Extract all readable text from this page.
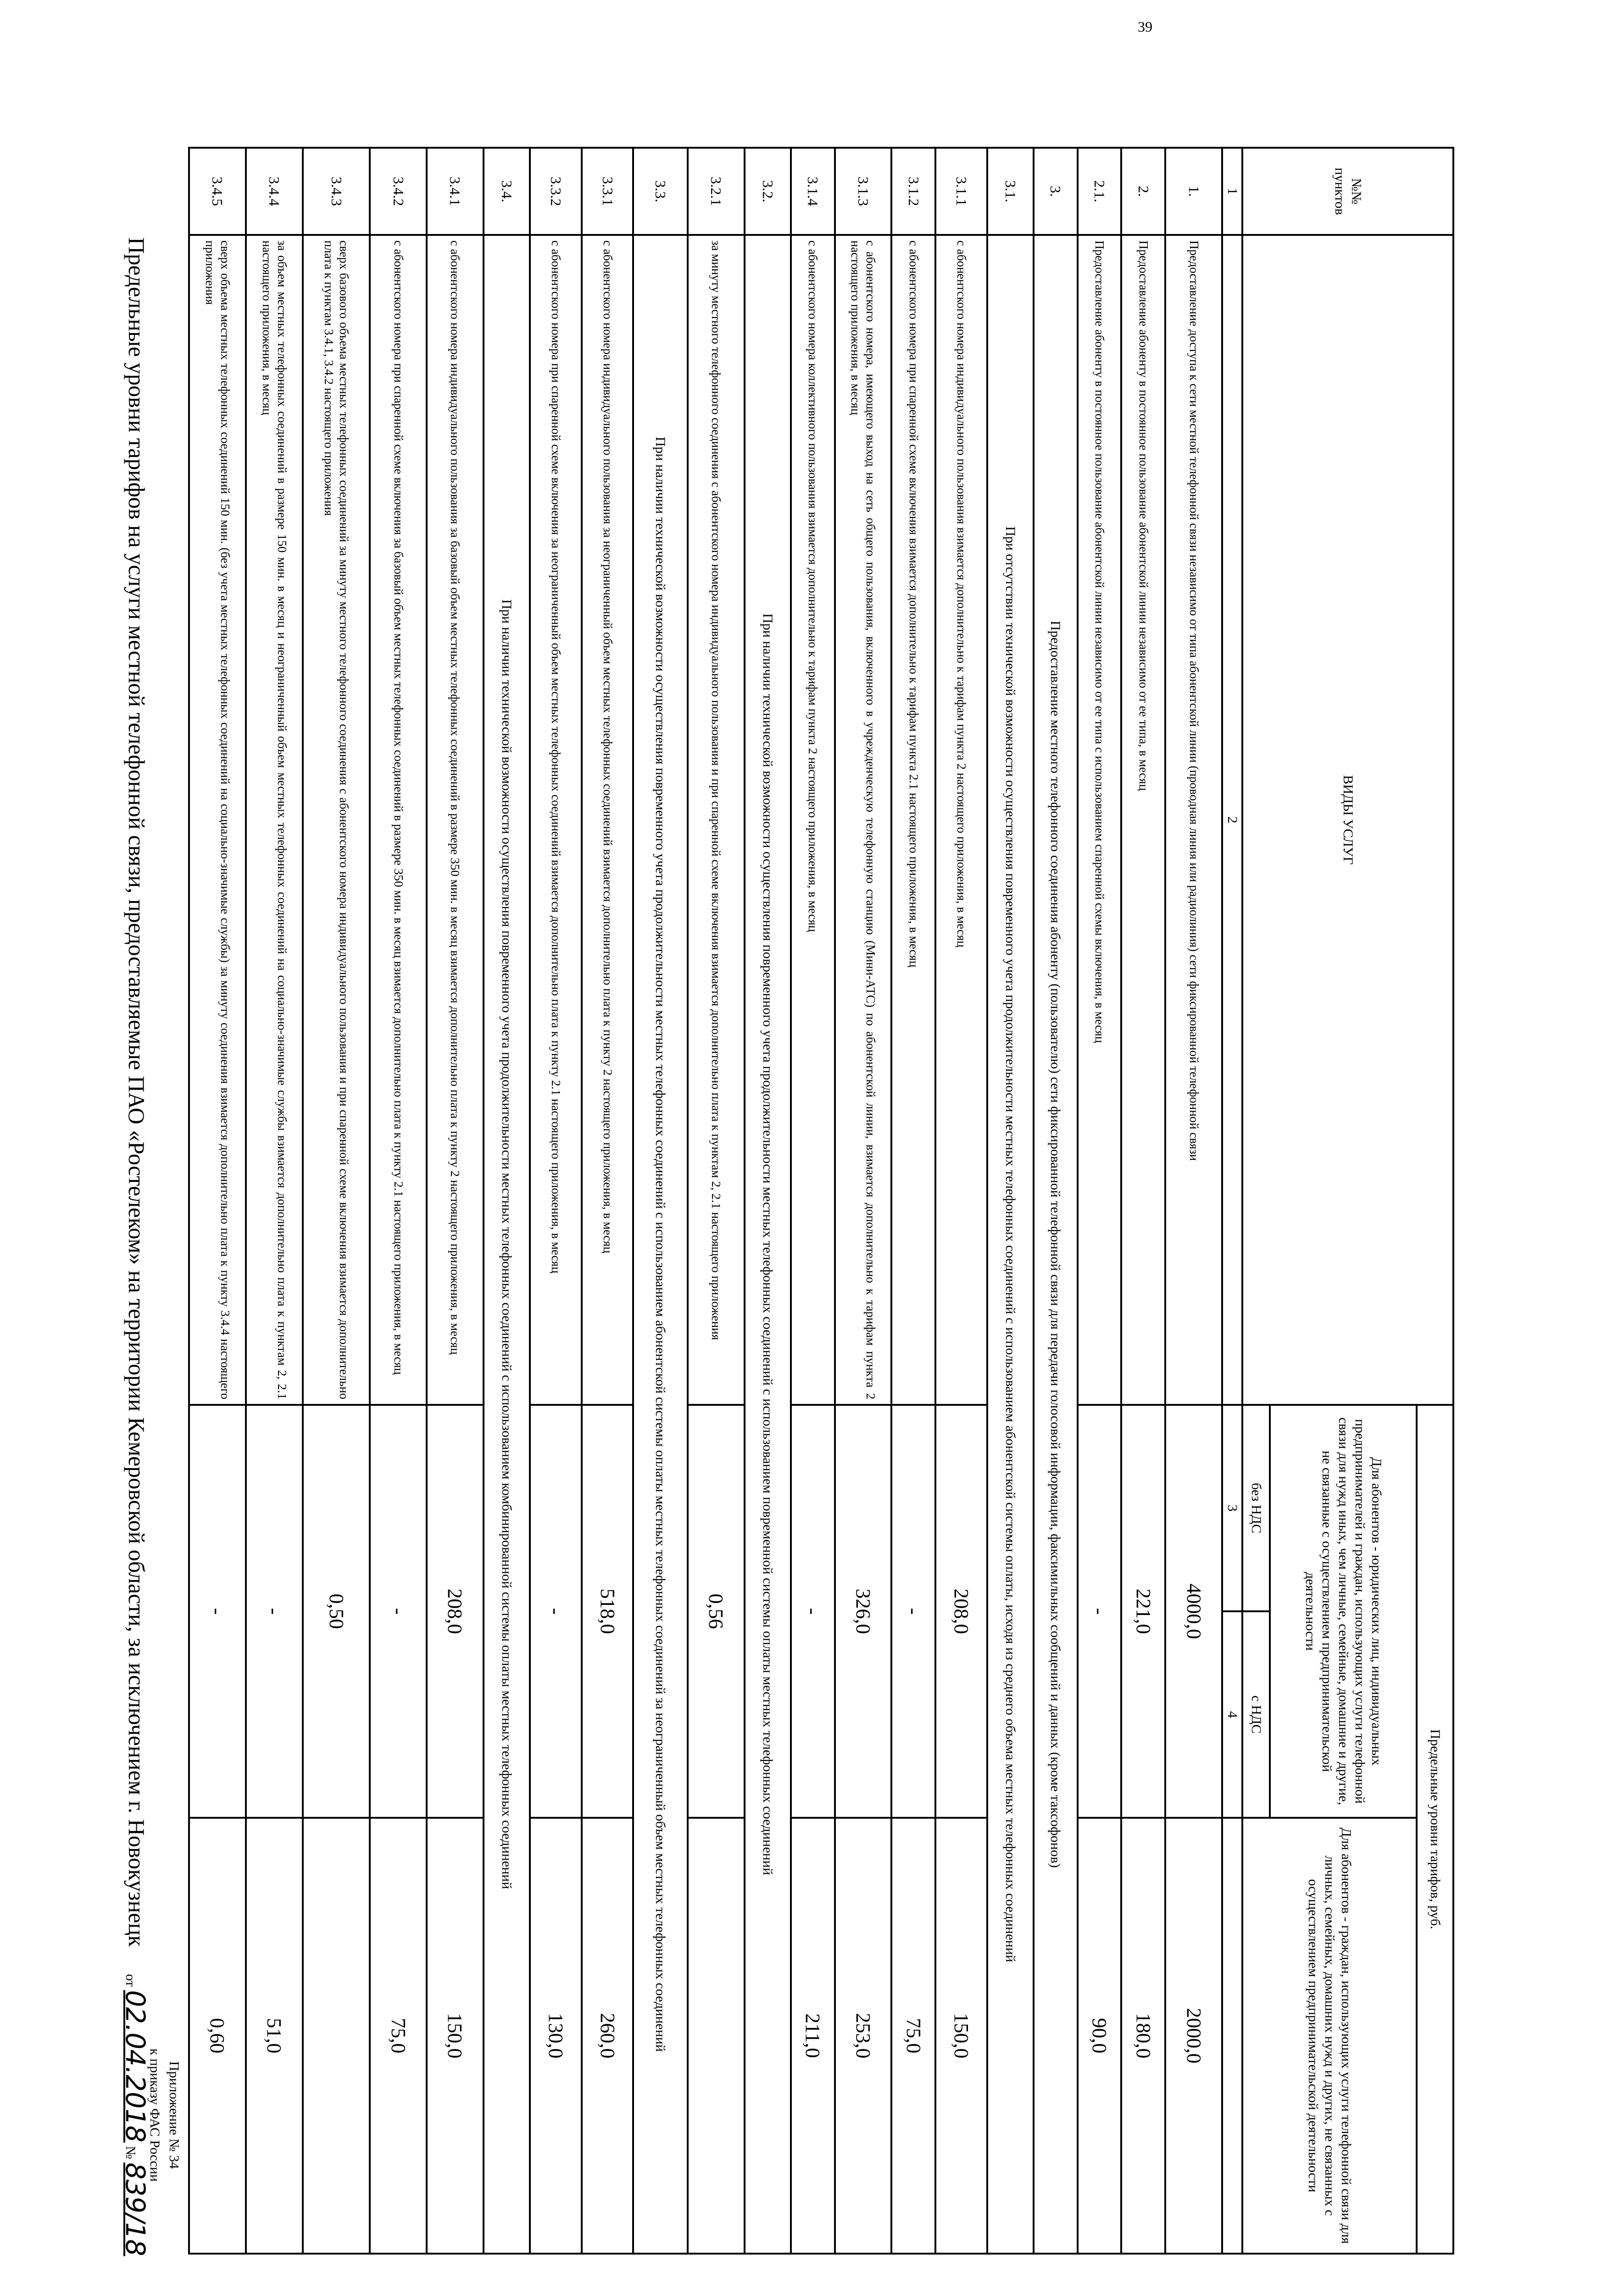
39
Приложение № 34
к приказу ФАС России
от 02.04.2018 № 839/18
Предельные уровни тарифов на услуги местной телефонной связи, предоставляемые ПАО «Ростелеком» на территории Кемеровской области, за исключением г. Новокузнецк
№№ пунктов	ВИДЫ УСЛУГ	Предельные уровни тарифов, руб.		
		Для абонентов - юридических лиц, индивидуальных предпринимателей и граждан, использующих услуги телефонной связи для нужд иных, чем личные, семейные, домашние и другие, не связанные с осуществлением предпринимательской деятельности		Для абонентов - граждан, использующих услуги телефонной связи для личных, семейных, домашних нужд и других, не связанных с осуществлением предпринимательской деятельности
		без НДС	с НДС	
1	2	3	4	
1.	Предоставление доступа к сети местной телефонной связи независимо от типа абонентской линии (проводная линия или радиолиния) сети фиксированной телефонной связи	4000,0		2000,0
2.	Предоставление абоненту в постоянное пользование абонентской линии независимо от ее типа, в месяц	221,0		180,0
2.1.	Предоставление абоненту в постоянное пользование абонентской линии независимо от ее типа с использованием спаренной схемы включения, в месяц	-		90,0
3.	Предоставление местного телефонного соединения абоненту (пользователю) сети фиксированной телефонной связи для передачи голосовой информации, факсимильных сообщений и данных (кроме таксофонов)			
3.1.	При отсутствии технической возможности осуществления повременного учета продолжительности местных телефонных соединений с использованием абонентской системы оплаты, исходя из среднего объема местных телефонных соединений			
3.1.1	с абонентского номера индивидуального пользования взимается дополнительно к тарифам пункта 2 настоящего приложения, в месяц	208,0		150,0
3.1.2	с абонентского номера при спаренной схеме включения взимается дополнительно к тарифам пункта 2.1 настоящего приложения, в месяц	-		75,0
3.1.3	с абонентского номера, имеющего выход на сеть общего пользования, включенного в учрежденческую телефонную станцию (Мини-АТС) по абонентской линии, взимается дополнительно к тарифам пункта 2 настоящего приложения, в месяц	326,0		253,0
3.1.4	с абонентского номера коллективного пользования взимается дополнительно к тарифам пункта 2 настоящего приложения, в месяц	-		211,0
3.2.	При наличии технической возможности осуществления повременного учета продолжительности местных телефонных соединений с использованием повременной системы оплаты местных телефонных соединений			
3.2.1	за минуту местного телефонного соединения с абонентского номера индивидуального пользования и при спаренной схеме включения взимается дополнительно плата к пунктам 2, 2.1 настоящего приложения	0,56		
3.3.	При наличии технической возможности осуществления повременного учета продолжительности местных телефонных соединений с использованием абонентской системы оплаты местных телефонных соединений за неограниченный объем местных телефонных соединений			
3.3.1	с абонентского номера индивидуального пользования за неограниченный объем местных телефонных соединений взимается дополнительно плата к пункту 2 настоящего приложения, в месяц	518,0		260,0
3.3.2	с абонентского номера при спаренной схеме включения за неограниченный объем местных телефонных соединений взимается дополнительно плата к пункту 2.1 настоящего приложения, в месяц	-		130,0
3.4.	При наличии технической возможности осуществления повременного учета продолжительности местных телефонных соединений с использованием комбинированной системы оплаты местных телефонных соединений			
3.4.1	с абонентского номера индивидуального пользования за базовый объем местных телефонных соединений в размере 350 мин. в месяц взимается дополнительно плата к пункту 2 настоящего приложения, в месяц	208,0		150,0
3.4.2	с абонентского номера при спаренной схеме включения за базовый объем местных телефонных соединений в размере 350 мин. в месяц взимается дополнительно плата к пункту 2.1 настоящего приложения, в месяц	-		75,0
3.4.3	сверх базового объема местных телефонных соединений за минуту местного телефонного соединения с абонентского номера индивидуального пользования и при спаренной схеме включения взимается дополнительно плата к пунктам 3.4.1, 3.4.2 настоящего приложения	0,50		
3.4.4	за объем местных телефонных соединений в размере 150 мин. в месяц и неограниченный объем местных телефонных соединений на социально-значимые службы взимается дополнительно плата к пунктам 2, 2.1 настоящего приложения, в месяц	-		51,0
3.4.5	сверх объема местных телефонных соединений 150 мин. (без учета местных телефонных соединений на социально-значимые службы) за минуту соединения взимается дополнительно плата к пункту 3.4.4 настоящего приложения	-		0,60
